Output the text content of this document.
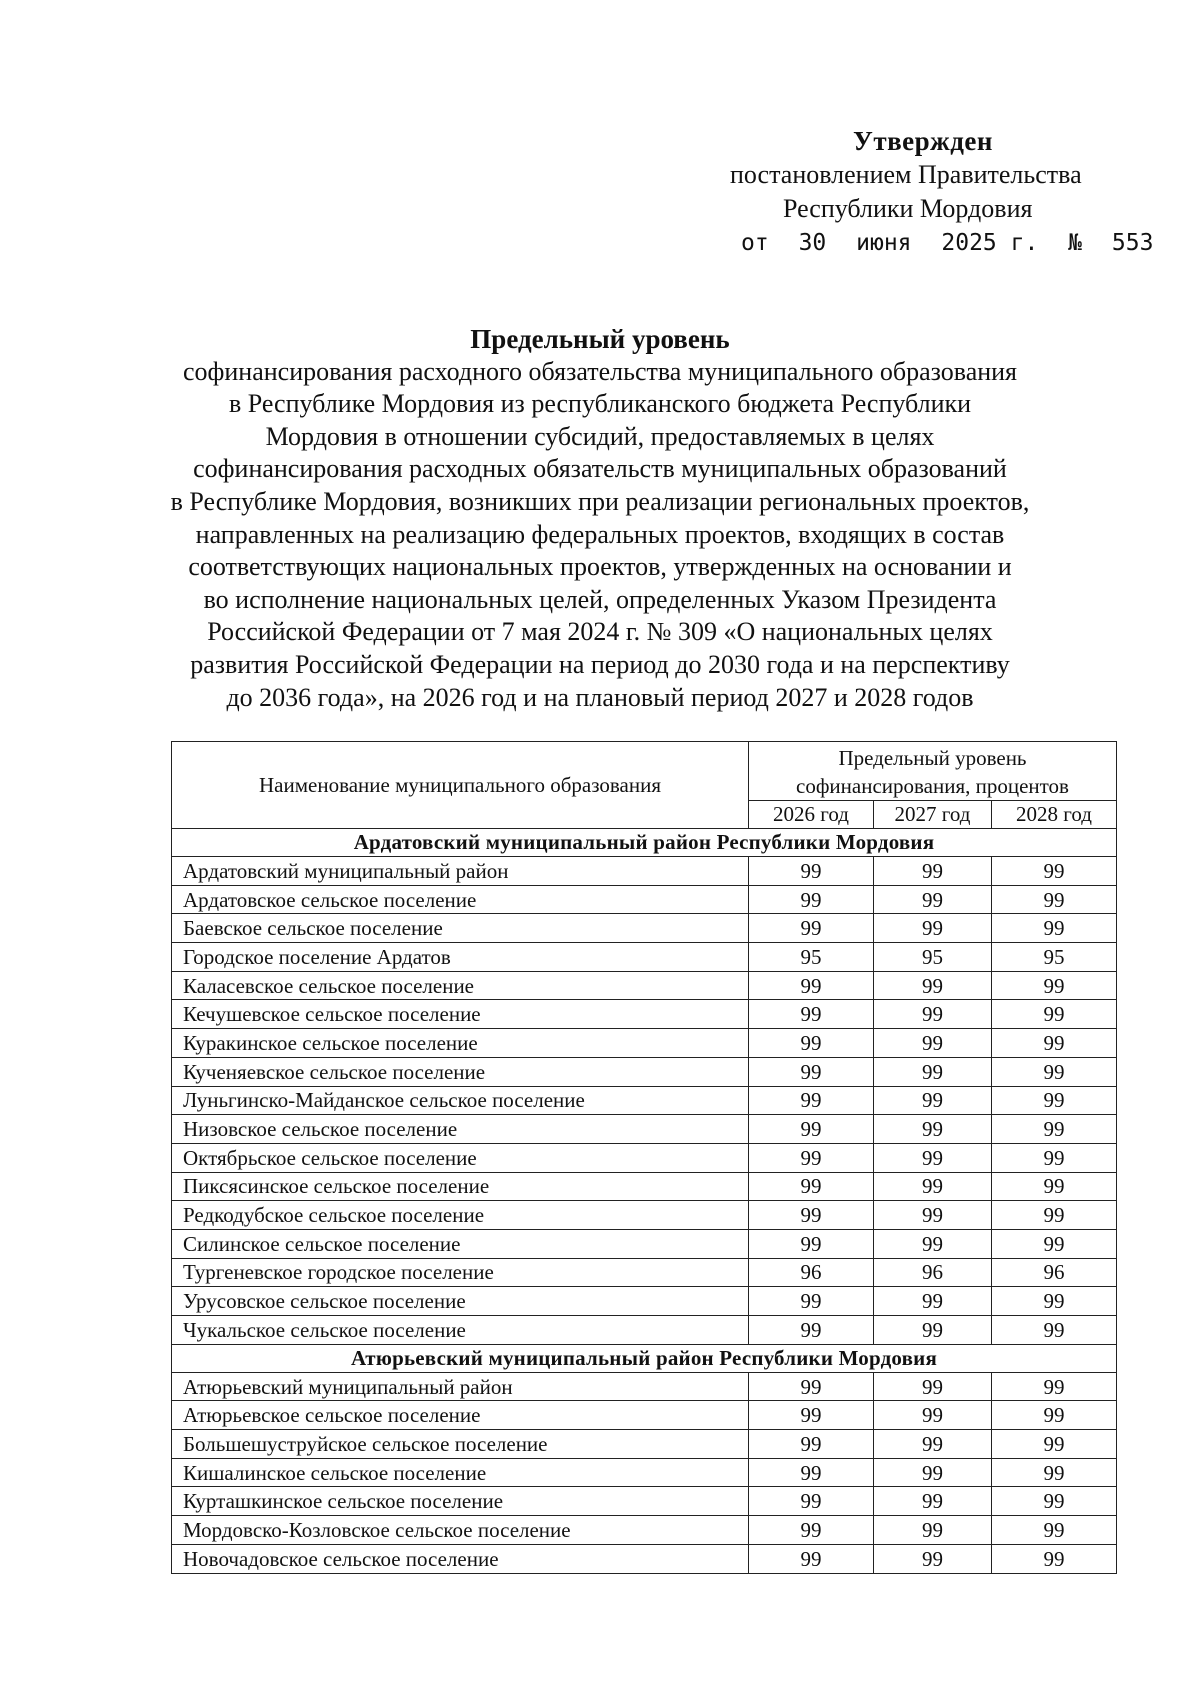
Утвержден
постановлением Правительства
Республики Мордовия
от 30 июня 2025 г. № 553
Предельный уровень
софинансирования расходного обязательства муниципального образования
в Республике Мордовия из республиканского бюджета Республики
Мордовия в отношении субсидий, предоставляемых в целях
софинансирования расходных обязательств муниципальных образований
в Республике Мордовия, возникших при реализации региональных проектов,
направленных на реализацию федеральных проектов, входящих в состав
соответствующих национальных проектов, утвержденных на основании и
во исполнение национальных целей, определенных Указом Президента
Российской Федерации от 7 мая 2024 г. № 309 «О национальных целях
развития Российской Федерации на период до 2030 года и на перспективу
до 2036 года», на 2026 год и на плановый период 2027 и 2028 годов
Наименование муниципального образования	Предельный уровень
софинансирования, процентов		
	2026 год	2027 год	2028 год
Ардатовский муниципальный район Республики Мордовия			
Ардатовский муниципальный район	99	99	99
Ардатовское сельское поселение	99	99	99
Баевское сельское поселение	99	99	99
Городское поселение Ардатов	95	95	95
Каласевское сельское поселение	99	99	99
Кечушевское сельское поселение	99	99	99
Куракинское сельское поселение	99	99	99
Кученяевское сельское поселение	99	99	99
Луньгинско-Майданское сельское поселение	99	99	99
Низовское сельское поселение	99	99	99
Октябрьское сельское поселение	99	99	99
Пиксясинское сельское поселение	99	99	99
Редкодубское сельское поселение	99	99	99
Силинское сельское поселение	99	99	99
Тургеневское городское поселение	96	96	96
Урусовское сельское поселение	99	99	99
Чукальское сельское поселение	99	99	99
Атюрьевский муниципальный район Республики Мордовия			
Атюрьевский муниципальный район	99	99	99
Атюрьевское сельское поселение	99	99	99
Большешуструйское сельское поселение	99	99	99
Кишалинское сельское поселение	99	99	99
Курташкинское сельское поселение	99	99	99
Мордовско-Козловское сельское поселение	99	99	99
Новочадовское сельское поселение	99	99	99
